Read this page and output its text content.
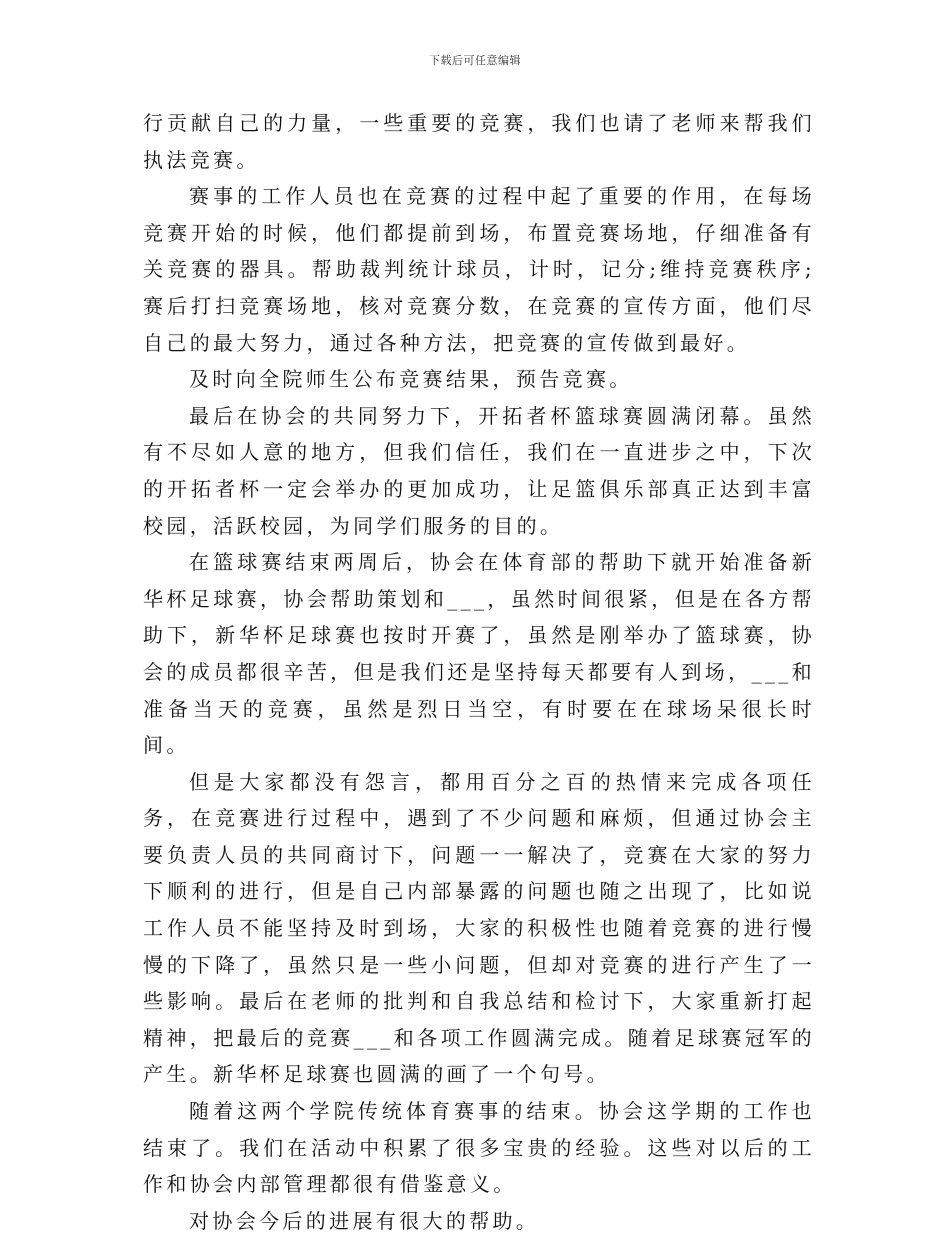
下载后可任意编辑

行贡献自己的力量，一些重要的竞赛，我们也请了老师来帮我们执法竞赛。

赛事的工作人员也在竞赛的过程中起了重要的作用，在每场竞赛开始的时候，他们都提前到场，布置竞赛场地，仔细准备有关竞赛的器具。帮助裁判统计球员，计时，记分;维持竞赛秩序;赛后打扫竞赛场地，核对竞赛分数，在竞赛的宣传方面，他们尽自己的最大努力，通过各种方法，把竞赛的宣传做到最好。

及时向全院师生公布竞赛结果，预告竞赛。

最后在协会的共同努力下，开拓者杯篮球赛圆满闭幕。虽然有不尽如人意的地方，但我们信任，我们在一直进步之中，下次的开拓者杯一定会举办的更加成功，让足篮俱乐部真正达到丰富校园，活跃校园，为同学们服务的目的。

在篮球赛结束两周后，协会在体育部的帮助下就开始准备新华杯足球赛，协会帮助策划和___，虽然时间很紧，但是在各方帮助下，新华杯足球赛也按时开赛了，虽然是刚举办了篮球赛，协会的成员都很辛苦，但是我们还是坚持每天都要有人到场，___和准备当天的竞赛，虽然是烈日当空，有时要在在球场呆很长时间。

但是大家都没有怨言，都用百分之百的热情来完成各项任务，在竞赛进行过程中，遇到了不少问题和麻烦，但通过协会主要负责人员的共同商讨下，问题一一解决了，竞赛在大家的努力下顺利的进行，但是自己内部暴露的问题也随之出现了，比如说工作人员不能坚持及时到场，大家的积极性也随着竞赛的进行慢慢的下降了，虽然只是一些小问题，但却对竞赛的进行产生了一些影响。最后在老师的批判和自我总结和检讨下，大家重新打起精神，把最后的竞赛___和各项工作圆满完成。随着足球赛冠军的产生。新华杯足球赛也圆满的画了一个句号。

随着这两个学院传统体育赛事的结束。协会这学期的工作也结束了。我们在活动中积累了很多宝贵的经验。这些对以后的工作和协会内部管理都很有借鉴意义。

对协会今后的进展有很大的帮助。
